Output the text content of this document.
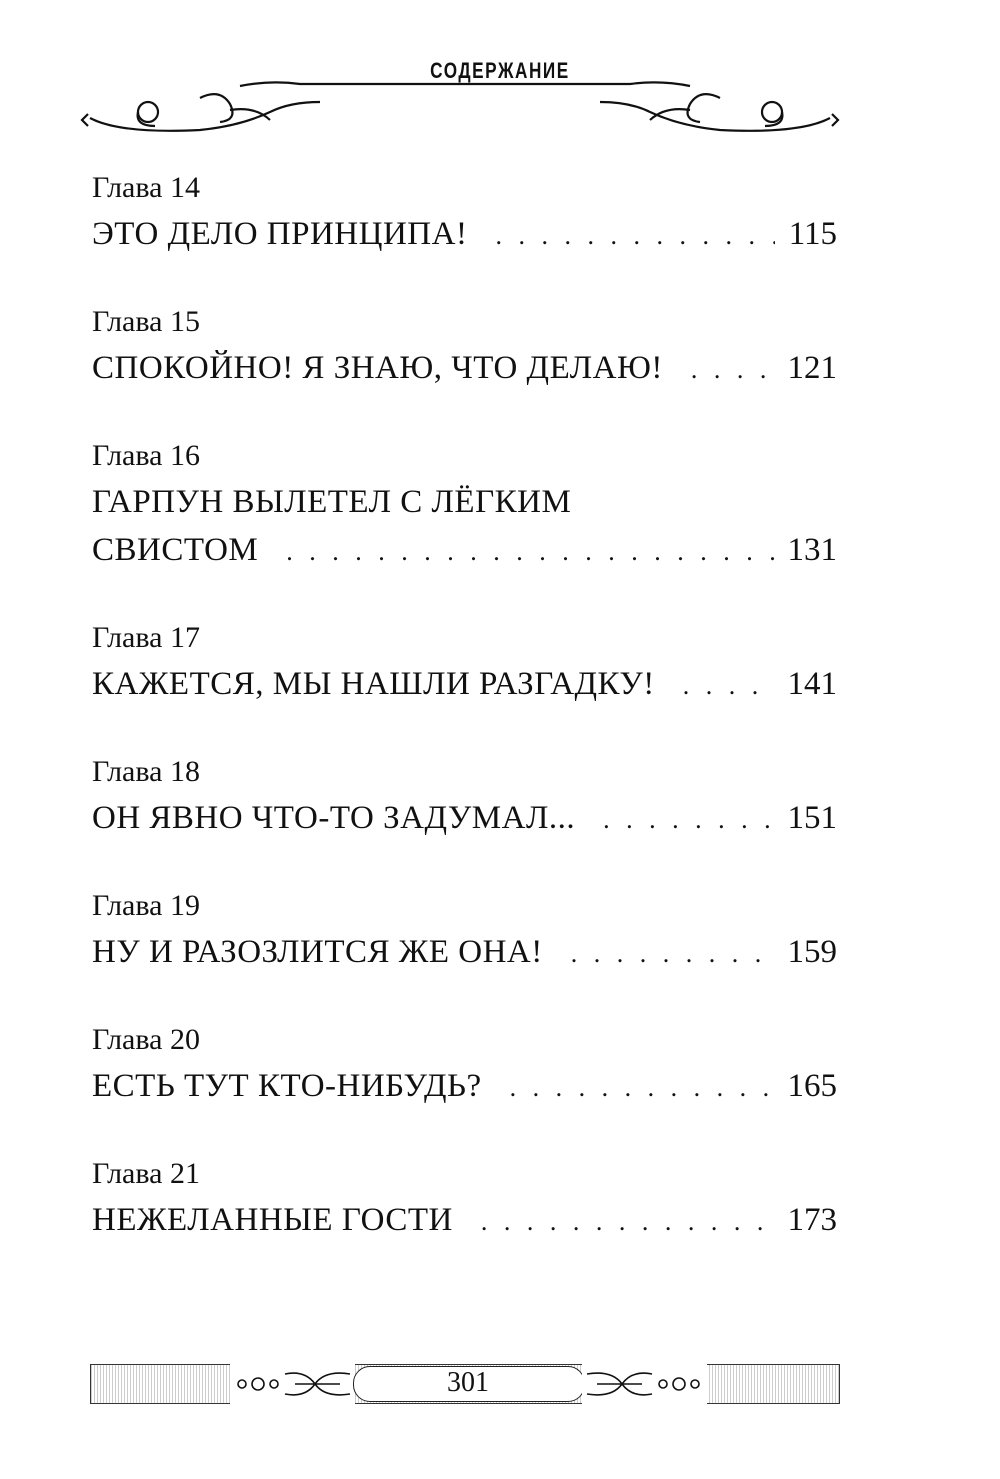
СОДЕРЖАНИЕ
Глава 14
ЭТО ДЕЛО ПРИНЦИПА! . . .	115
Глава 15
СПОКОЙНО! Я ЗНАЮ, ЧТО ДЕЛАЮ! . . .	121
Глава 16
ГАРПУН ВЫЛЕТЕЛ С ЛЁГКИМ
СВИСТОМ . . .	131
Глава 17
КАЖЕТСЯ, МЫ НАШЛИ РАЗГАДКУ! . . .	141
Глава 18
ОН ЯВНО ЧТО-ТО ЗАДУМАЛ... . . .	151
Глава 19
НУ И РАЗОЗЛИТСЯ ЖЕ ОНА! . . .	159
Глава 20
ЕСТЬ ТУТ КТО-НИБУДЬ? . . .	165
Глава 21
НЕЖЕЛАННЫЕ ГОСТИ . . .	173
301
